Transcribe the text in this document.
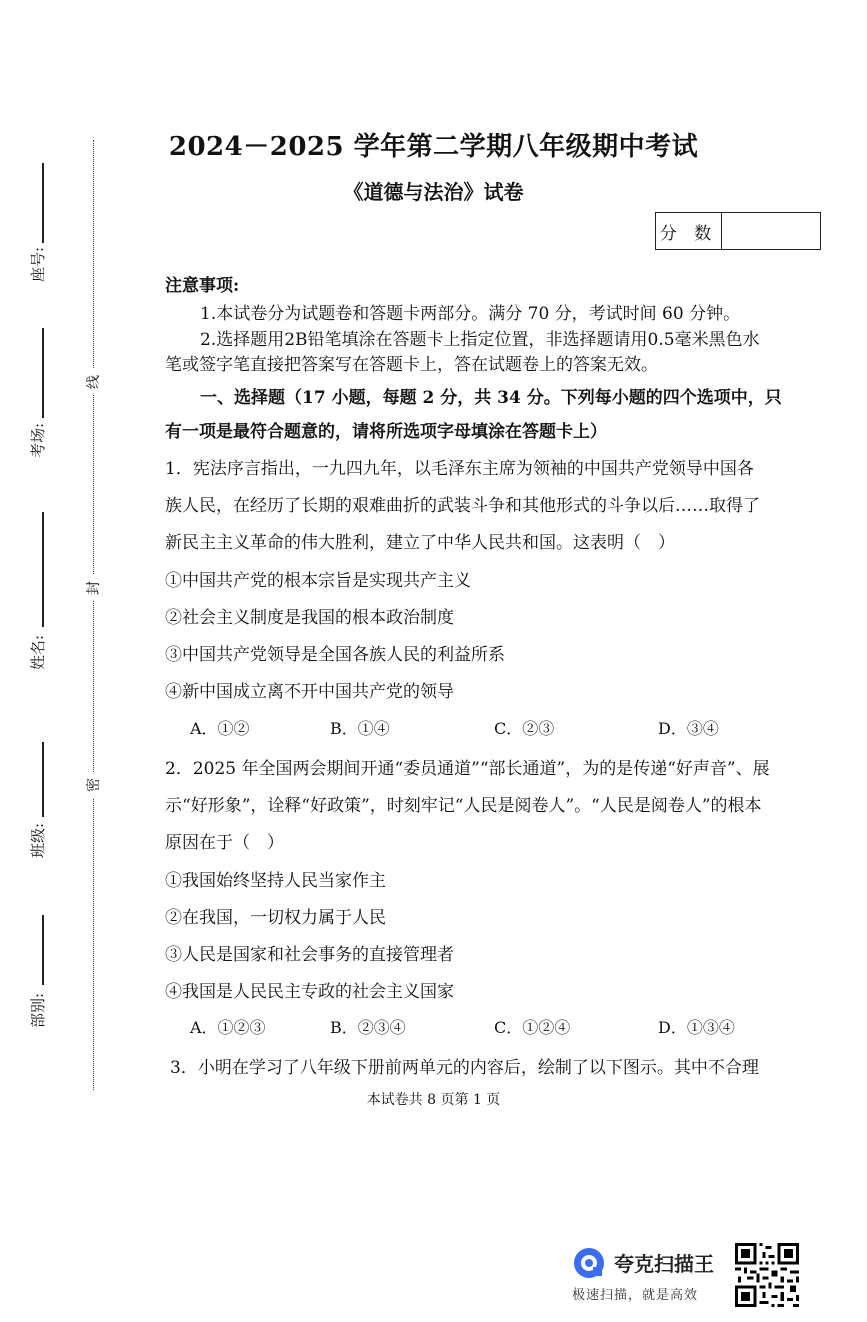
线
封
密
座号:
考场:
姓名:
班级:
部别:
2024－2025 学年第二学期八年级期中考试
《道德与法治》试卷
分 数
注意事项:
1.本试卷分为试题卷和答题卡两部分。满分 70 分，考试时间 60 分钟。
2.选择题用2B铅笔填涂在答题卡上指定位置，非选择题请用0.5毫米黑色水
笔或签字笔直接把答案写在答题卡上，答在试题卷上的答案无效。
一、选择题（17 小题，每题 2 分，共 34 分。下列每小题的四个选项中，只
有一项是最符合题意的，请将所选项字母填涂在答题卡上）
1．宪法序言指出，一九四九年，以毛泽东主席为领袖的中国共产党领导中国各
族人民，在经历了长期的艰难曲折的武装斗争和其他形式的斗争以后……取得了
新民主主义革命的伟大胜利，建立了中华人民共和国。这表明（　）
①中国共产党的根本宗旨是实现共产主义
②社会主义制度是我国的根本政治制度
③中国共产党领导是全国各族人民的利益所系
④新中国成立离不开中国共产党的领导
A．①②	B．①④	C．②③	D．③④
2．2025 年全国两会期间开通“委员通道”“部长通道”，为的是传递“好声音”、展
示“好形象”，诠释“好政策”，时刻牢记“人民是阅卷人”。“人民是阅卷人”的根本
原因在于（　）
①我国始终坚持人民当家作主
②在我国，一切权力属于人民
③人民是国家和社会事务的直接管理者
④我国是人民民主专政的社会主义国家
A．①②③	B．②③④	C．①②④	D．①③④
3．小明在学习了八年级下册前两单元的内容后，绘制了以下图示。其中不合理
本试卷共 8 页第 1 页
夸克扫描王
极速扫描，就是高效
